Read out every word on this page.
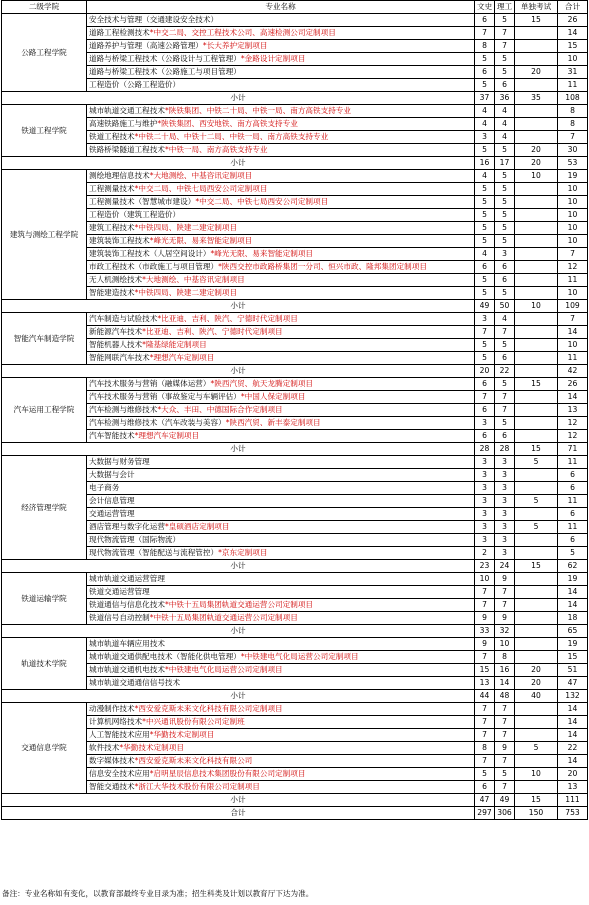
二级学院	专业名称	文史	理工	单独考试	合计
公路工程学院	安全技术与管理（交通建设安全技术）	6	5	15	26
	道路工程检测技术*中交二局、交控工程技术公司、高速检测公司定制项目	7	7		14
	道路养护与管理（高速公路管理）*长大养护定制项目	8	7		15
	道路与桥梁工程技术（公路设计与工程管理）*金路设计定制项目	5	5		10
	道路与桥梁工程技术（公路施工与项目管理）	6	5	20	31
	工程造价（公路工程造价）	5	6		11
小计		37	36	35	108
铁道工程学院	城市轨道交通工程技术*陕铁集团、中铁二十局、中铁一局、南方高铁支持专业	4	4		8
	高速铁路施工与维护*陕铁集团、西安地铁、南方高铁支持专业	4	4		8
	铁道工程技术*中铁二十局、中铁十二局、中铁一局、南方高铁支持专业	3	4		7
	铁路桥梁隧道工程技术*中铁一局、南方高铁支持专业	5	5	20	30
小计		16	17	20	53
建筑与测绘工程学院	测绘地理信息技术*大地测绘、中基咨讯定制项目	4	5	10	19
	工程测量技术*中交二局、中铁七局西安公司定制项目	5	5		10
	工程测量技术（智慧城市建设）*中交二局、中铁七局西安公司定制项目	5	5		10
	工程造价（建筑工程造价）	5	5		10
	建筑工程技术*中铁四局、陕建二建定制项目	5	5		10
	建筑装饰工程技术*峰光无限、易来智能定制项目	5	5		10
	建筑装饰工程技术（人居空间设计）*峰光无限、易来智能定制项目	4	3		7
	市政工程技术（市政施工与项目管理）*陕西交控市政路桥集团一分司、恒兴市政、隆邦集团定制项目	6	6		12
	无人机测绘技术*大地测绘、中基咨讯定制项目	5	6		11
	智能建造技术*中铁四局、陕建二建定制项目	5	5		10
小计		49	50	10	109
智能汽车制造学院	汽车制造与试验技术*比亚迪、吉利、陕汽、宁德时代定制项目	3	4		7
	新能源汽车技术*比亚迪、吉利、陕汽、宁德时代定制项目	7	7		14
	智能机器人技术*隆基绿能定制项目	5	5		10
	智能网联汽车技术*理想汽车定制项目	5	6		11
小计		20	22		42
汽车运用工程学院	汽车技术服务与营销（融媒体运营）*陕西汽贸、航天龙腾定制项目	6	5	15	26
	汽车技术服务与营销（事故鉴定与车辆评估）*中国人保定制项目	7	7		14
	汽车检测与维修技术*大众、丰田、中德国际合作定制项目	6	7		13
	汽车检测与维修技术（汽车改装与美容）*陕西汽贸、新丰泰定制项目	3	5		12
	汽车智能技术*理想汽车定制项目	6	6		12
小计		28	28	15	71
经济管理学院	大数据与财务管理	3	3	5	11
	大数据与会计	3	3		6
	电子商务	3	3		6
	会计信息管理	3	3	5	11
	交通运营管理	3	3		6
	酒店管理与数字化运营*皇硕酒店定制项目	3	3	5	11
	现代物流管理（国际物流）	3	3		6
	现代物流管理（智能配送与流程管控）*京东定制项目	2	3		5
小计		23	24	15	62
铁道运输学院	城市轨道交通运营管理	10	9		19
	铁道交通运营管理	7	7		14
	铁道通信与信息化技术*中铁十五局集团轨道交通运营公司定制项目	7	7		14
	铁道信号自动控制*中铁十五局集团轨道交通运营公司定制项目	9	9		18
小计		33	32		65
轨道技术学院	城市轨道车辆应用技术	9	10		19
	城市轨道交通供配电技术（智能化供电管理）*中铁建电气化局运营公司定制项目	7	8		15
	城市轨道交通机电技术*中铁建电气化局运营公司定制项目	15	16	20	51
	城市轨道交通通信信号技术	13	14	20	47
小计		44	48	40	132
交通信息学院	动漫制作技术*西安爱克斯未来文化科技有限公司定制项目	7	7		14
	计算机网络技术*中兴通讯股份有限公司定制班	7	7		14
	人工智能技术应用*华勤技术定制项目	7	7		14
	软件技术*华勤技术定制项目	8	9	5	22
	数字媒体技术*西安爱克斯未来文化科技有限公司	7	7		14
	信息安全技术应用*启明星辰信息技术集团股份有限公司定制项目	5	5	10	20
	智能交通技术*浙江大华技术股份有限公司定制项目	6	7		13
小计		47	49	15	111
合计		297	306	150	753
备注：专业名称如有变化，以教育部最终专业目录为准；招生科类及计划以教育厅下达为准。
